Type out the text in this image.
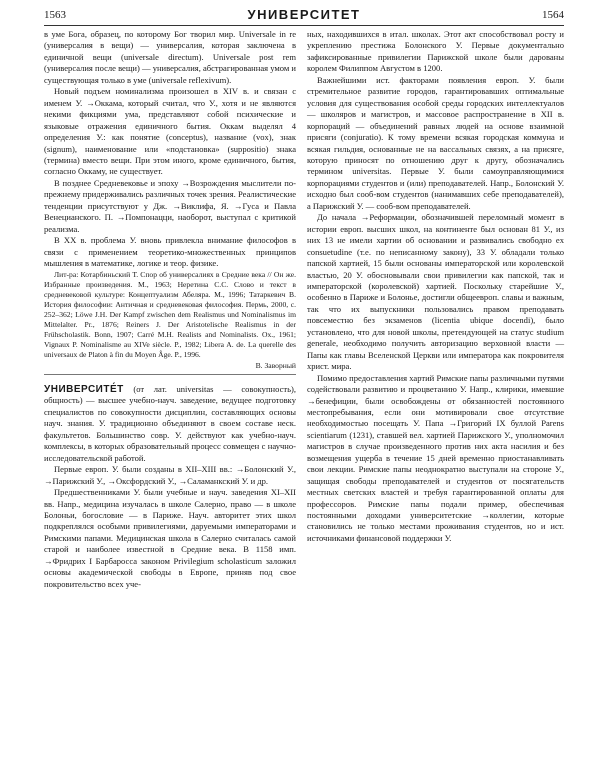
1563	УНИВЕРСИТЕТ	1564

в уме Бога, образец, по которому Бог творил мир. Universale in re (универсалия в вещи) — универсалия, которая заключена в единичной вещи (universale directum). Universale post rem (универсалия после вещи) — универсалия, абстрагированная умом и существующая только в уме (universale reflexivum).

Новый подъем номинализма произошел в XIV в. и связан с именем У. →Оккама, который считал, что У., хотя и не являются некими фикциями ума, представляют собой психические и языковые отражения единичного бытия. Оккам выделял 4 определения У.: как понятие (conceptus), название (vox), знак (signum), наименование или «подстановка» (suppositio) знака (термина) вместо вещи. При этом иного, кроме единичного, бытия, согласно Оккаму, не существует.

В позднее Средневековье и эпоху →Возрождения мыслители по-прежнему придерживались различных точек зрения. Реалистические тенденции присутствуют у Дж. →Виклифа, Я. →Гуса и Павла Венецианского. П. →Помпонацци, наоборот, выступал с критикой реализма.

В XX в. проблема У. вновь привлекла внимание философов в связи с применением теоретико-множественных принципов мышления в математике, логике и теор. физике.

Лит-ра: Котарбиньский Т. Спор об универсалиях в Средние века // Он же. Избранные произведения. М., 1963; Неретина С.С. Слово и текст в средневековой культуре: Концептуализм Абеляра. М., 1996; Татаркевич В. История философии: Античная и средневековая философия. Пермь, 2000, с. 252–362; Löwe J.H. Der Kampf zwischen dem Realismus und Nominalismus im Mittelalter. Pr., 1876; Reiners J. Der Aristotelische Realismus in der Frühscholastik. Bonn, 1907; Carré M.H. Realists and Nominalists. Ox., 1961; Vignaux P. Nominalisme au XIVe siècle. P., 1982; Libera A. de. La querelle des universaux de Platon à fin du Moyen Âge. P., 1996.

В. Заворный

УНИВЕРСИТЕ́Т (от лат. universitas — совокупность), общность) — высшее учебно-науч. заведение, ведущее подготовку специалистов по совокупности дисциплин, составляющих основы науч. знания. У. традиционно объединяют в своем составе неск. факультетов. Большинство совр. У. действуют как учебно-науч. комплексы, в которых образовательный процесс совмещен с научно-исследовательской работой.

Первые европ. У. были созданы в XII–XIII вв.: →Болонский У., →Парижский У., →Оксфордский У., →Саламанкский У. и др.

Предшественниками У. были учебные и науч. заведения XI–XII вв. Напр., медицина изучалась в школе Салерно, право — в школе Болоньи, богословие — в Париже. Науч. авторитет этих школ подкреплялся особыми привилегиями, даруемыми императорами и Римскими папами. Медицинская школа в Салерно считалась самой старой и наиболее известной в Средние века. В 1158 имп. →Фридрих I Барбаросса законом Privilegium scholasticum заложил основы академической свободы в Европе, приняв под свое покровительство всех уче-

ных, находившихся в итал. школах. Этот акт способствовал росту и укреплению престижа Болонского У. Первые документально зафиксированные привилегии Парижской школе были дарованы королем Филиппом Августом в 1200.

Важнейшими ист. факторами появления европ. У. были стремительное развитие городов, гарантировавших оптимальные условия для существования особой среды городских интеллектуалов — школяров и магистров, и массовое распространение в XII в. корпораций — объединений равных людей на основе взаимной присяги (conjuratio). К тому времени всякая городская коммуна и всякая гильдия, основанные не на вассальных связях, а на присяге, которую приносят по отношению друг к другу, обозначались термином universitas. Первые У. были самоуправляющимися корпорациями студентов и (или) преподавателей. Напр., Болонский У. исходно был сооб-вом студентов (нанимавших себе преподавателей), а Парижский У. — сооб-вом преподавателей.

До начала →Реформации, обозначившей переломный момент в истории европ. высших школ, на континенте был основан 81 У., из них 13 не имели хартии об основании и развивались свободно ex consuetudine (т.е. по неписанному закону), 33 У. обладали только папской хартией, 15 были основаны императорской или королевской властью, 20 У. обосновывали свои привилегии как папской, так и императорской (королевской) хартией. Поскольку старейшие У., особенно в Париже и Болонье, достигли общеевроп. славы и важным, так что их выпускники пользовались правом преподавать повсеместно без экзаменов (licentia ubique docendi), было установлено, что для новой школы, претендующей на статус studium generale, необходимо получить авторизацию верховной власти — Папы как главы Вселенской Церкви или императора как покровителя христ. мира.

Помимо предоставления хартий Римские папы различными путями содействовали развитию и процветанию У. Напр., клирики, имевшие →бенефиции, были освобождены от обязанностей постоянного местопребывания, если они мотивировали свое отсутствие необходимостью посещать У. Папа →Григорий IX буллой Parens scientiarum (1231), ставшей вел. хартией Парижского У., уполномочил магистров в случае произведенного против них акта насилия и без возмещения ущерба в течение 15 дней временно приостанавливать свои лекции. Римские папы неоднократно выступали на стороне У., защищая свободы преподавателей и студентов от посягательств местных светских властей и требуя гарантированной оплаты для профессоров. Римские папы подали пример, обеспечивая постоянными доходами университетские →коллегии, которые становились не только местами проживания студентов, но и ист. источниками финансовой поддержки У.
